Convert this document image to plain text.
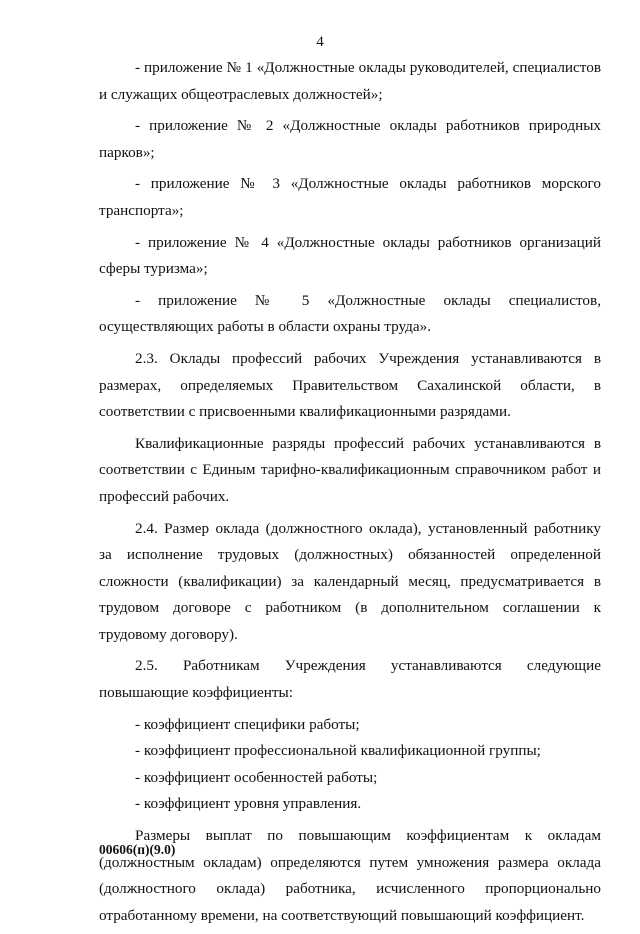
4

- приложение № 1 «Должностные оклады руководителей, специалистов и служащих общеотраслевых должностей»;

- приложение № 2 «Должностные оклады работников природных парков»;

- приложение № 3 «Должностные оклады работников морского транспорта»;

- приложение № 4 «Должностные оклады работников организаций сферы туризма»;

- приложение № 5 «Должностные оклады специалистов, осуществляющих работы в области охраны труда».

2.3. Оклады профессий рабочих Учреждения устанавливаются в размерах, определяемых Правительством Сахалинской области, в соответствии с присвоенными квалификационными разрядами.

Квалификационные разряды профессий рабочих устанавливаются в соответствии с Единым тарифно-квалификационным справочником работ и профессий рабочих.

2.4. Размер оклада (должностного оклада), установленный работнику за исполнение трудовых (должностных) обязанностей определенной сложности (квалификации) за календарный месяц, предусматривается в трудовом договоре с работником (в дополнительном соглашении к трудовому договору).

2.5. Работникам Учреждения устанавливаются следующие повышающие коэффициенты:

- коэффициент специфики работы;

- коэффициент профессиональной квалификационной группы;

- коэффициент особенностей работы;

- коэффициент уровня управления.

Размеры выплат по повышающим коэффициентам к окладам (должностным окладам) определяются путем умножения размера оклада (должностного оклада) работника, исчисленного пропорционально отработанному времени, на соответствующий повышающий коэффициент.

00606(п)(9.0)
